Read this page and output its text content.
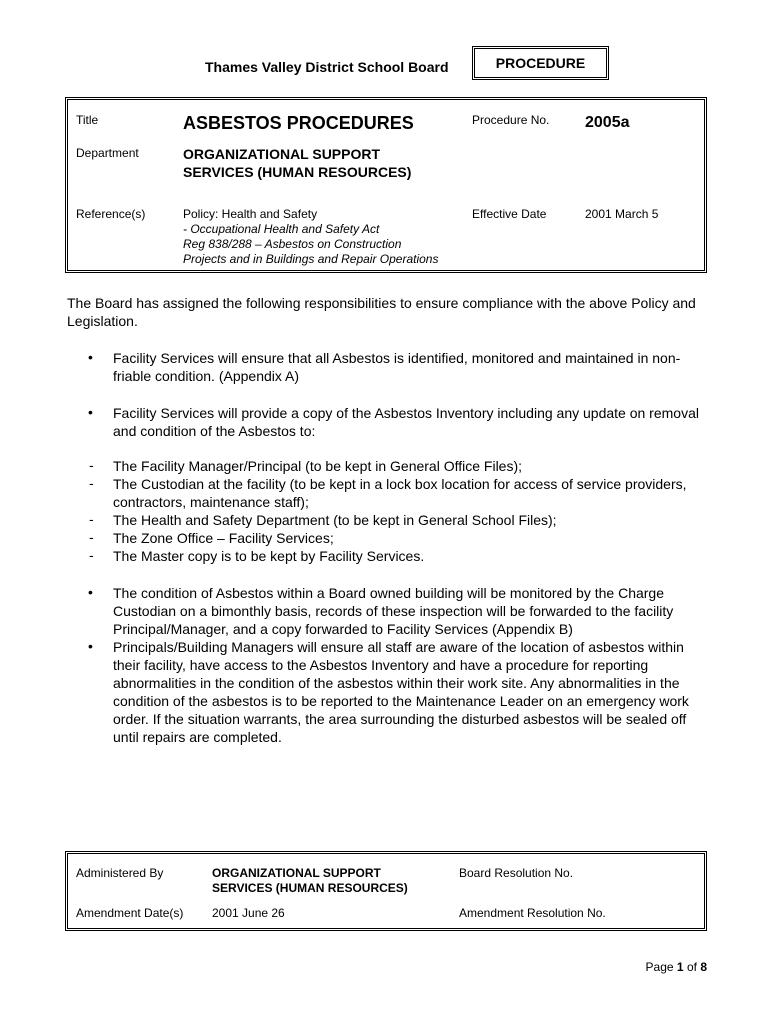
Thames Valley District School Board	PROCEDURE
Title	ASBESTOS PROCEDURES	Procedure No. 2005a
Department	ORGANIZATIONAL SUPPORT
SERVICES (HUMAN RESOURCES)
Reference(s)	Policy: Health and Safety
- Occupational Health and Safety Act
Reg 838/288 – Asbestos on Construction
Projects and in Buildings and Repair Operations
Effective Date	2001 March 5
The Board has assigned the following responsibilities to ensure compliance with the above Policy and Legislation.
• Facility Services will ensure that all Asbestos is identified, monitored and maintained in non-friable condition. (Appendix A)
• Facility Services will provide a copy of the Asbestos Inventory including any update on removal and condition of the Asbestos to:
- The Facility Manager/Principal (to be kept in General Office Files);
- The Custodian at the facility (to be kept in a lock box location for access of service providers, contractors, maintenance staff);
- The Health and Safety Department (to be kept in General School Files);
- The Zone Office – Facility Services;
- The Master copy is to be kept by Facility Services.
• The condition of Asbestos within a Board owned building will be monitored by the Charge Custodian on a bimonthly basis, records of these inspection will be forwarded to the facility Principal/Manager, and a copy forwarded to Facility Services (Appendix B)
• Principals/Building Managers will ensure all staff are aware of the location of asbestos within their facility, have access to the Asbestos Inventory and have a procedure for reporting abnormalities in the condition of the asbestos within their work site. Any abnormalities in the condition of the asbestos is to be reported to the Maintenance Leader on an emergency work order. If the situation warrants, the area surrounding the disturbed asbestos will be sealed off until repairs are completed.
Administered By	ORGANIZATIONAL SUPPORT
SERVICES (HUMAN RESOURCES)
Board Resolution No.
Amendment Date(s) 2001 June 26	Amendment Resolution No.
Page 1 of 8
